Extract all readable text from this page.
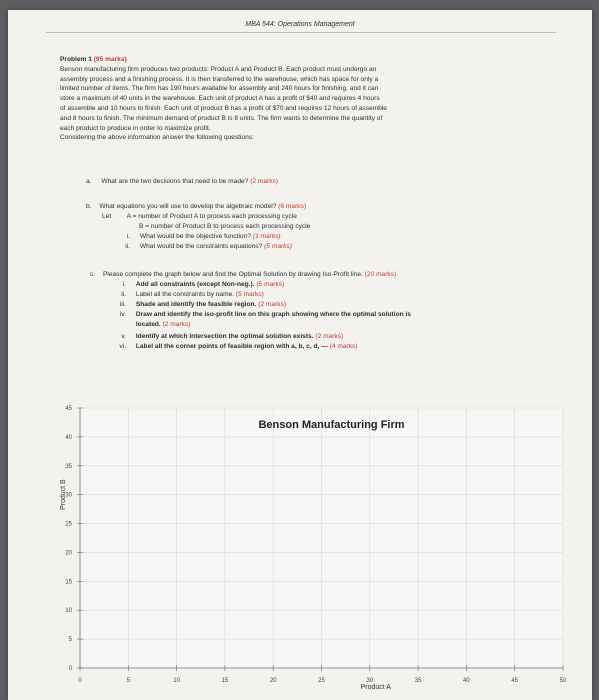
MBA 544: Operations Management
Problem 1 (95 marks)
Benson manufacturing firm produces two products: Product A and Product B. Each product must undergo an
assembly process and a finishing process. It is then transferred to the warehouse, which has space for only a
limited number of items. The firm has 190 hours available for assembly and 240 hours for finishing, and it can
store a maximum of 40 units in the warehouse. Each unit of product A has a profit of $40 and requires 4 hours
of assemble and 10 hours to finish. Each unit of product B has a profit of $70 and requires 12 hours of assemble
and 8 hours to finish. The minimum demand of product B is 8 units. The firm wants to determine the quantity of
each product to produce in order to maximize profit.
Considering the above information answer the following questions:
a. What are the two decisions that need to be made? (2 marks)
b. What equations you will use to develop the algebraic model? (6 marks)
Let A = number of Product A to process each processing cycle
B = number of Product B to process each processing cycle
i. What would be the objective function? (1 marks)
ii. What would be the constraints equations? (5 marks)
c. Please complete the graph below and find the Optimal Solution by drawing Iso-Profit line. (20 marks)
i. Add all constraints (except Non-neg.). (5 marks)
ii. Label all the constraints by name. (5 marks)
iii. Shade and identify the feasible region. (2 marks)
iv. Draw and identify the iso-profit line on this graph showing where the optimal solution is
located. (2 marks)
v. Identify at which intersection the optimal solution exists. (2 marks)
vi. Label all the corner points of feasible region with a, b, c, d, — (4 marks)
0	5	10	15	20	25	30	35	40	45	50
0
5
10
15
20
25
30
35
40
45
Benson Manufacturing Firm
Product A
Product B
